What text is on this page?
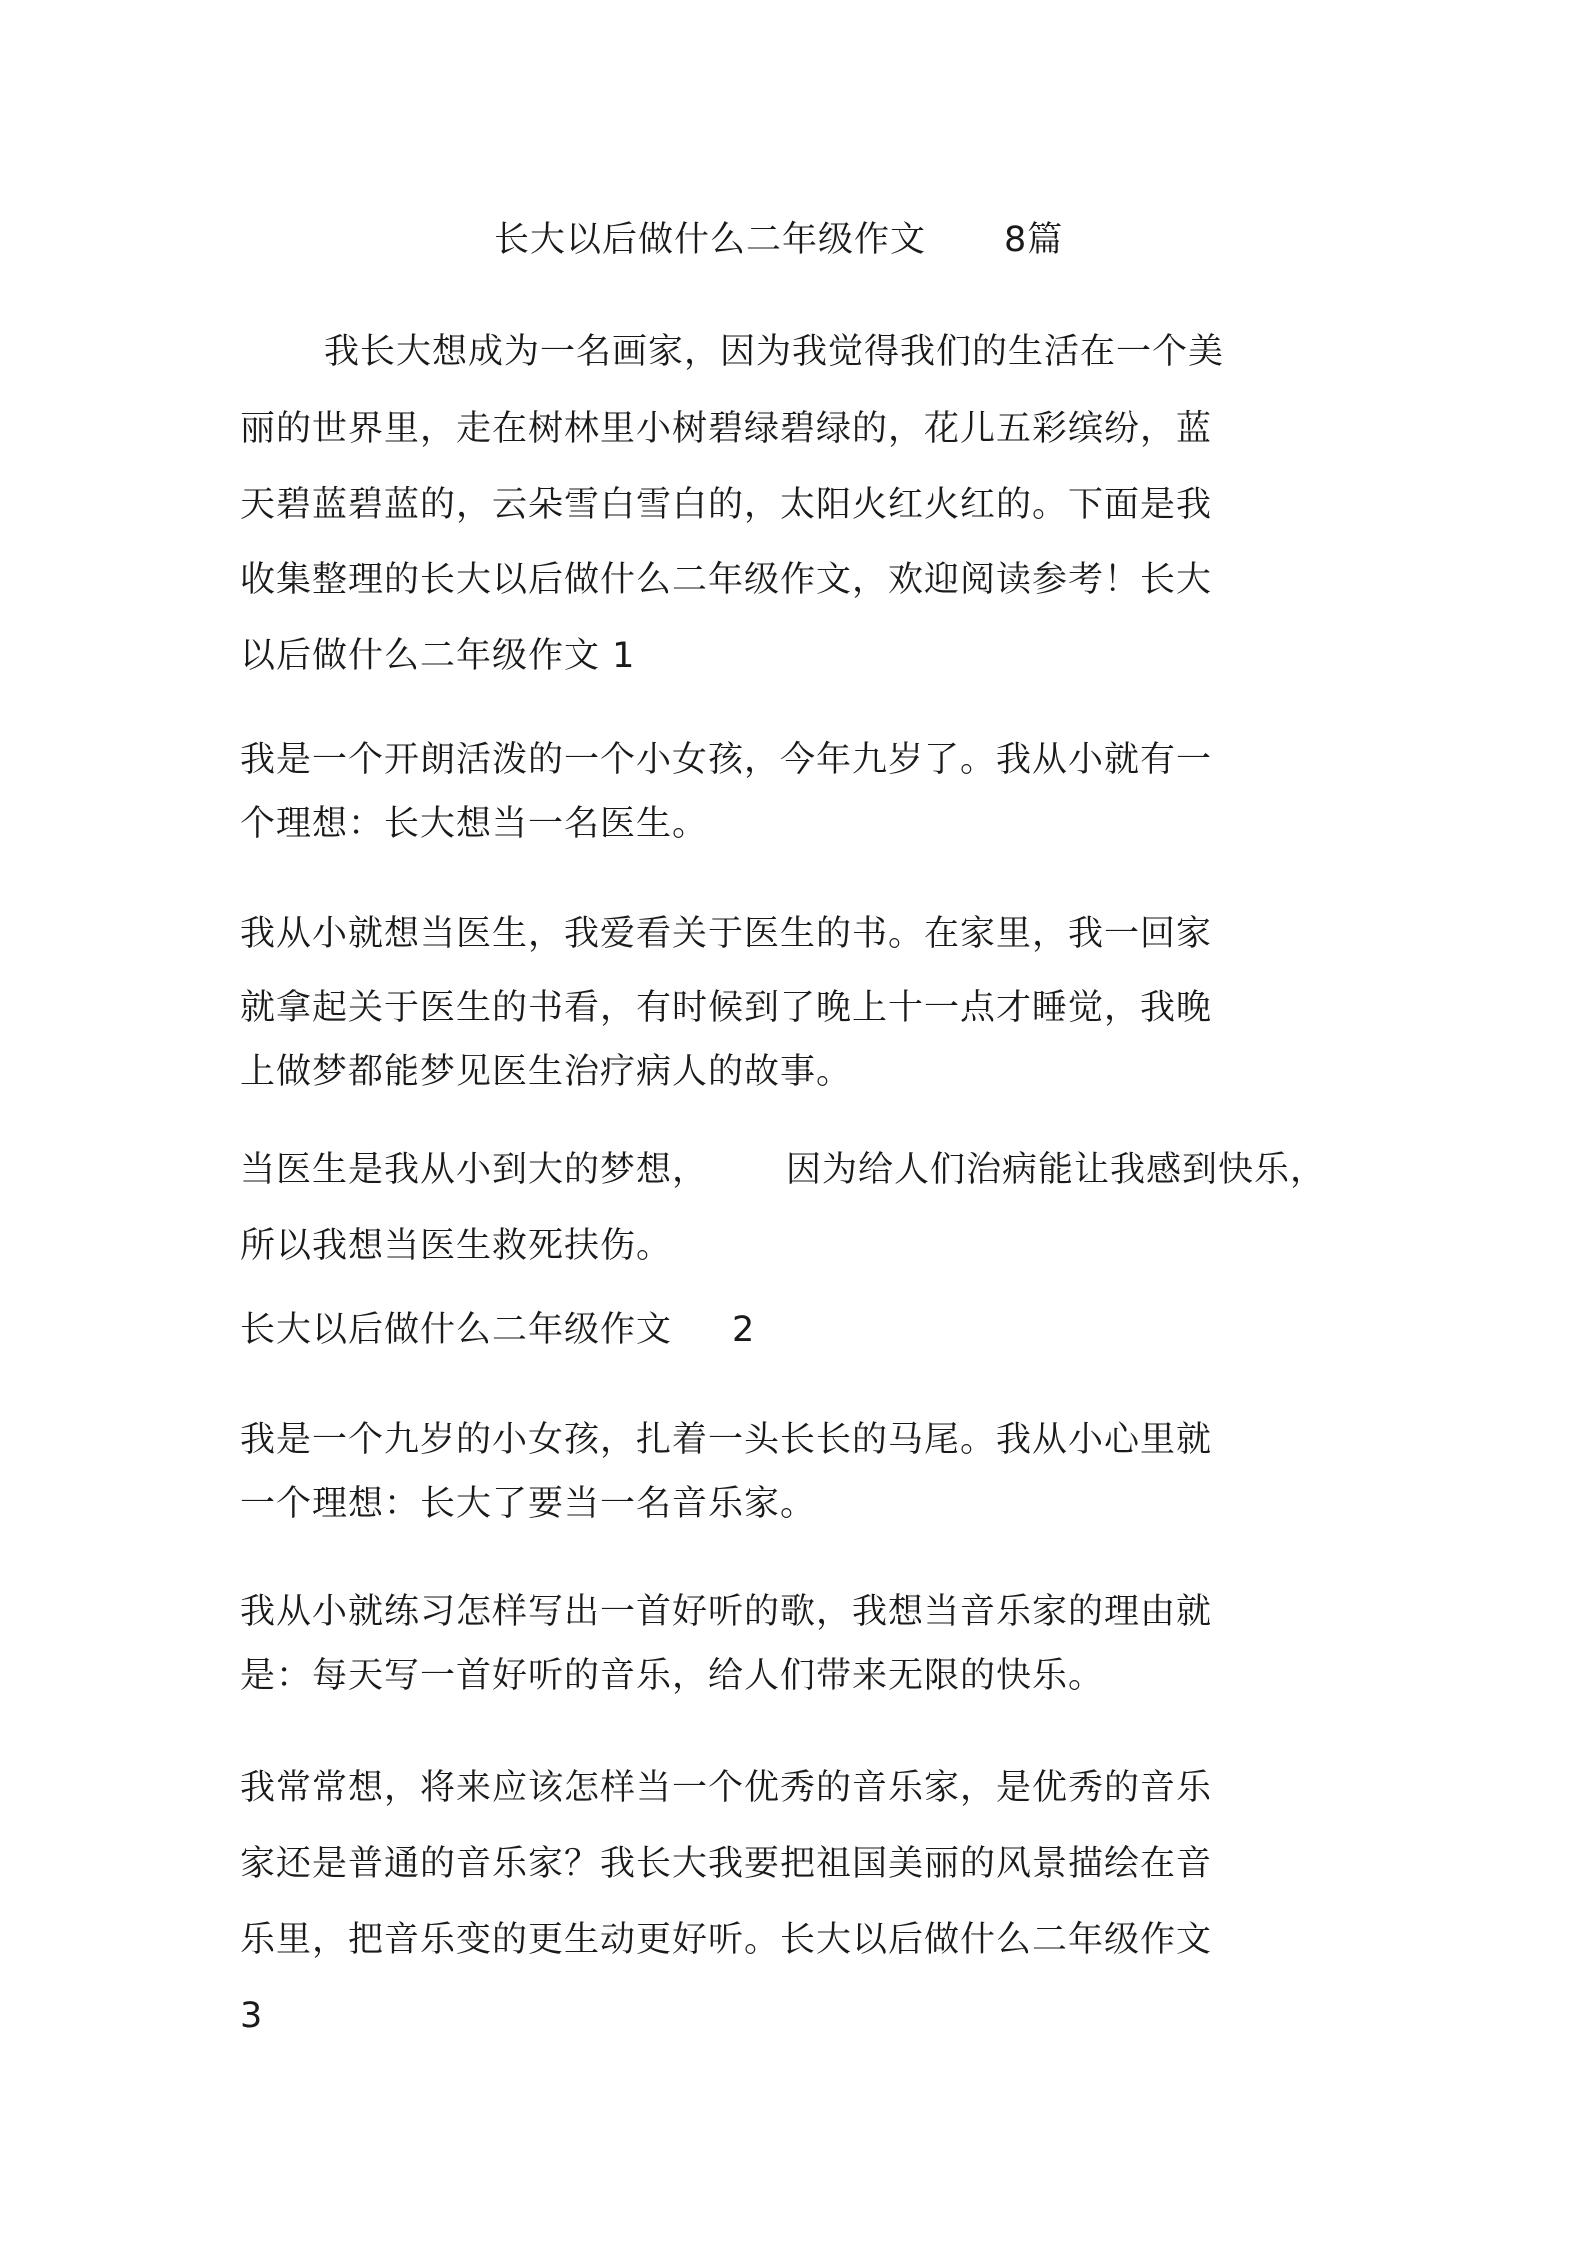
长大以后做什么二年级作文 8篇
我长大想成为一名画家，因为我觉得我们的生活在一个美
丽的世界里，走在树林里小树碧绿碧绿的，花儿五彩缤纷，蓝
天碧蓝碧蓝的，云朵雪白雪白的，太阳火红火红的。下面是我
收集整理的长大以后做什么二年级作文，欢迎阅读参考！长大
以后做什么二年级作文 1
我是一个开朗活泼的一个小女孩，今年九岁了。我从小就有一
个理想：长大想当一名医生。
我从小就想当医生，我爱看关于医生的书。在家里，我一回家
就拿起关于医生的书看，有时候到了晚上十一点才睡觉，我晚
上做梦都能梦见医生治疗病人的故事。
当医生是我从小到大的梦想， 因为给人们治病能让我感到快乐，
所以我想当医生救死扶伤。
长大以后做什么二年级作文 2
我是一个九岁的小女孩，扎着一头长长的马尾。我从小心里就
一个理想：长大了要当一名音乐家。
我从小就练习怎样写出一首好听的歌，我想当音乐家的理由就
是：每天写一首好听的音乐，给人们带来无限的快乐。
我常常想，将来应该怎样当一个优秀的音乐家，是优秀的音乐
家还是普通的音乐家？我长大我要把祖国美丽的风景描绘在音
乐里，把音乐变的更生动更好听。长大以后做什么二年级作文
3
